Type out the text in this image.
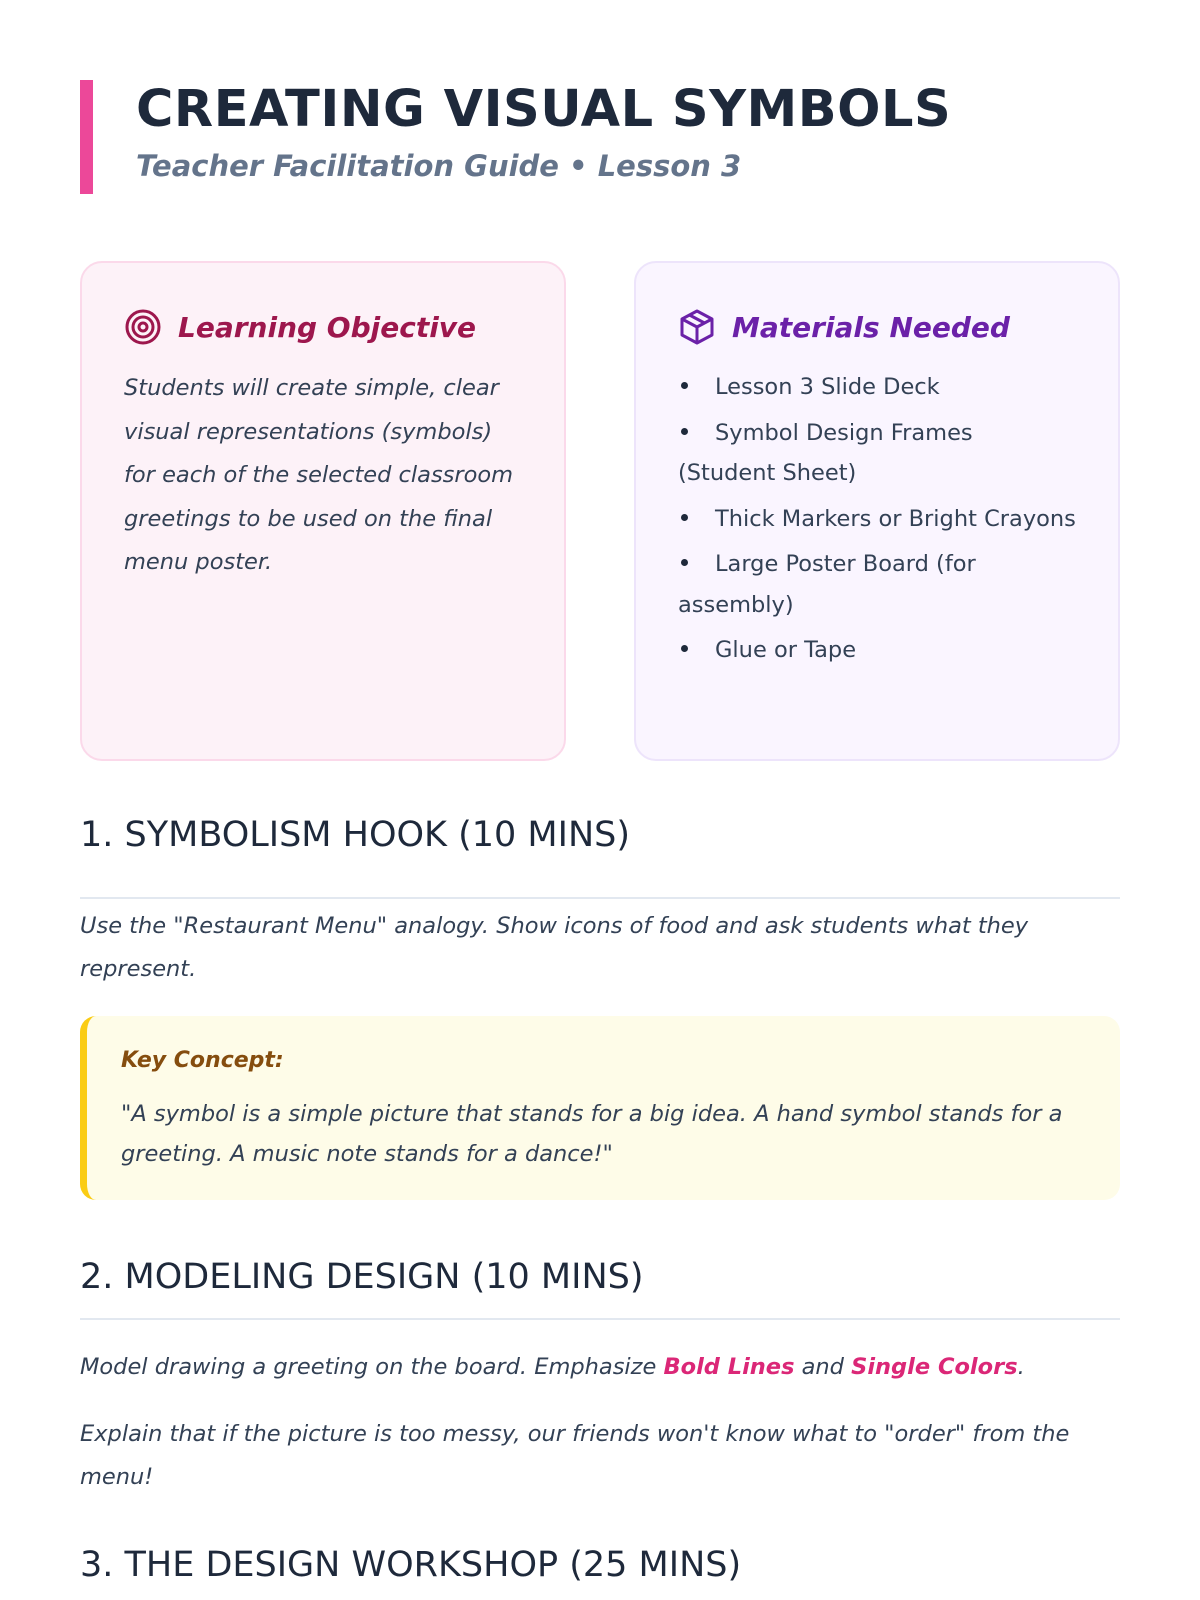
CREATING VISUAL SYMBOLS
Teacher Facilitation Guide • Lesson 3
Learning Objective

Students will create simple, clear visual representations (symbols) for each of the selected classroom greetings to be used on the final menu poster.

Materials Needed
Lesson 3 Slide Deck
Symbol Design Frames (Student Sheet)
Thick Markers or Bright Crayons
Large Poster Board (for assembly)
Glue or Tape
1. SYMBOLISM HOOK (10 MINS)

Use the "Restaurant Menu" analogy. Show icons of food and ask students what they represent.

Key Concept:

"A symbol is a simple picture that stands for a big idea. A hand symbol stands for a greeting. A music note stands for a dance!"

2. MODELING DESIGN (10 MINS)

Model drawing a greeting on the board. Emphasize Bold Lines and Single Colors.

Explain that if the picture is too messy, our friends won't know what to "order" from the menu!

3. THE DESIGN WORKSHOP (25 MINS)
